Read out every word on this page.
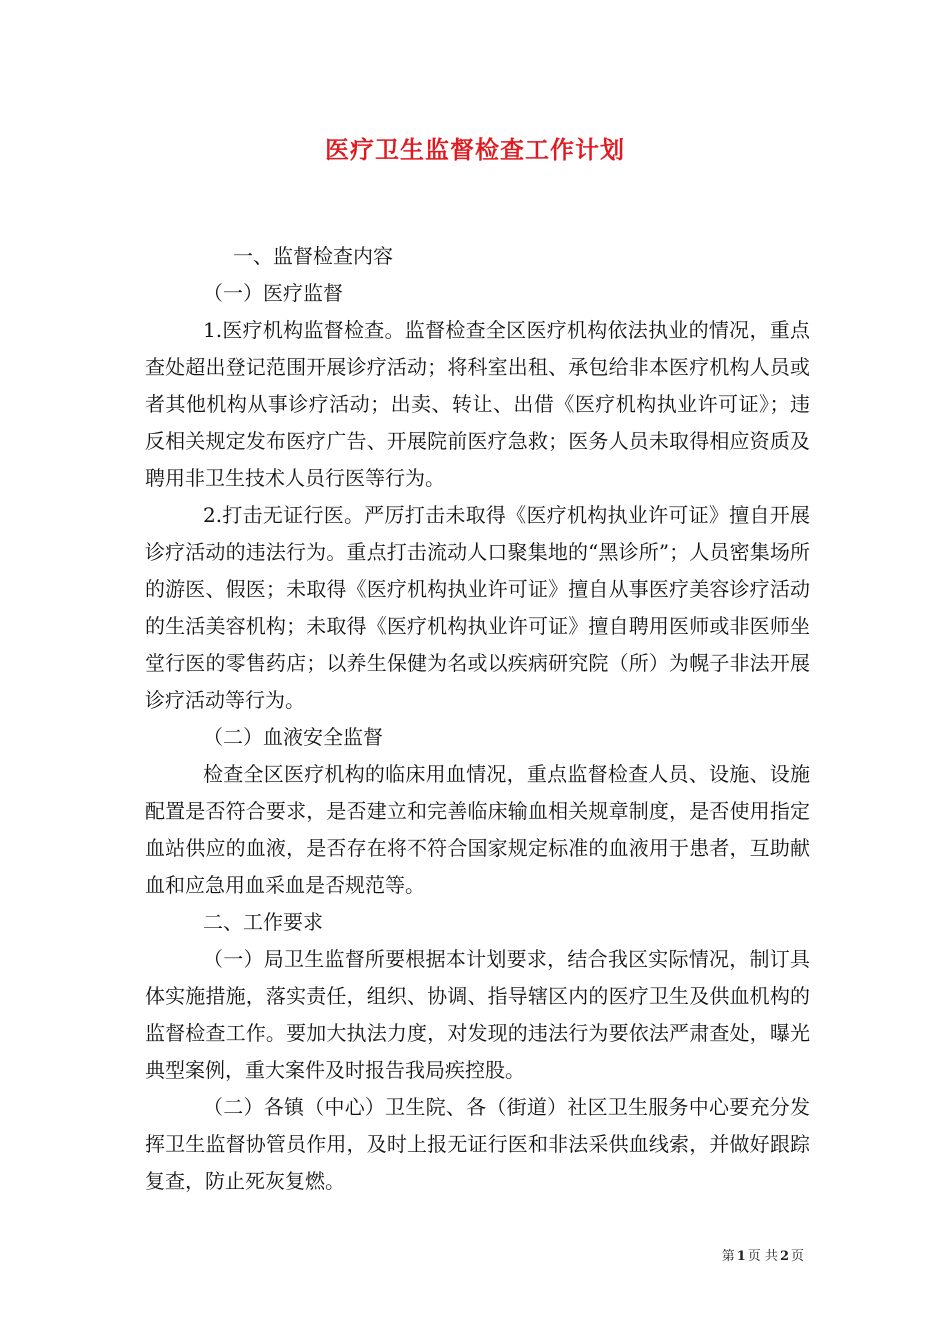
医疗卫生监督检查工作计划

一、监督检查内容

（一）医疗监督

1.医疗机构监督检查。监督检查全区医疗机构依法执业的情况，重点查处超出登记范围开展诊疗活动；将科室出租、承包给非本医疗机构人员或者其他机构从事诊疗活动；出卖、转让、出借《医疗机构执业许可证》；违反相关规定发布医疗广告、开展院前医疗急救；医务人员未取得相应资质及聘用非卫生技术人员行医等行为。

2.打击无证行医。严厉打击未取得《医疗机构执业许可证》擅自开展诊疗活动的违法行为。重点打击流动人口聚集地的“黑诊所”；人员密集场所的游医、假医；未取得《医疗机构执业许可证》擅自从事医疗美容诊疗活动的生活美容机构；未取得《医疗机构执业许可证》擅自聘用医师或非医师坐堂行医的零售药店；以养生保健为名或以疾病研究院（所）为幌子非法开展诊疗活动等行为。

（二）血液安全监督

检查全区医疗机构的临床用血情况，重点监督检查人员、设施、设施配置是否符合要求，是否建立和完善临床输血相关规章制度，是否使用指定血站供应的血液，是否存在将不符合国家规定标准的血液用于患者，互助献血和应急用血采血是否规范等。

二、工作要求

（一）局卫生监督所要根据本计划要求，结合我区实际情况，制订具体实施措施，落实责任，组织、协调、指导辖区内的医疗卫生及供血机构的监督检查工作。要加大执法力度，对发现的违法行为要依法严肃查处，曝光典型案例，重大案件及时报告我局疾控股。

（二）各镇（中心）卫生院、各（街道）社区卫生服务中心要充分发挥卫生监督协管员作用，及时上报无证行医和非法采供血线索，并做好跟踪复查，防止死灰复燃。

第 1 页 共 2 页
